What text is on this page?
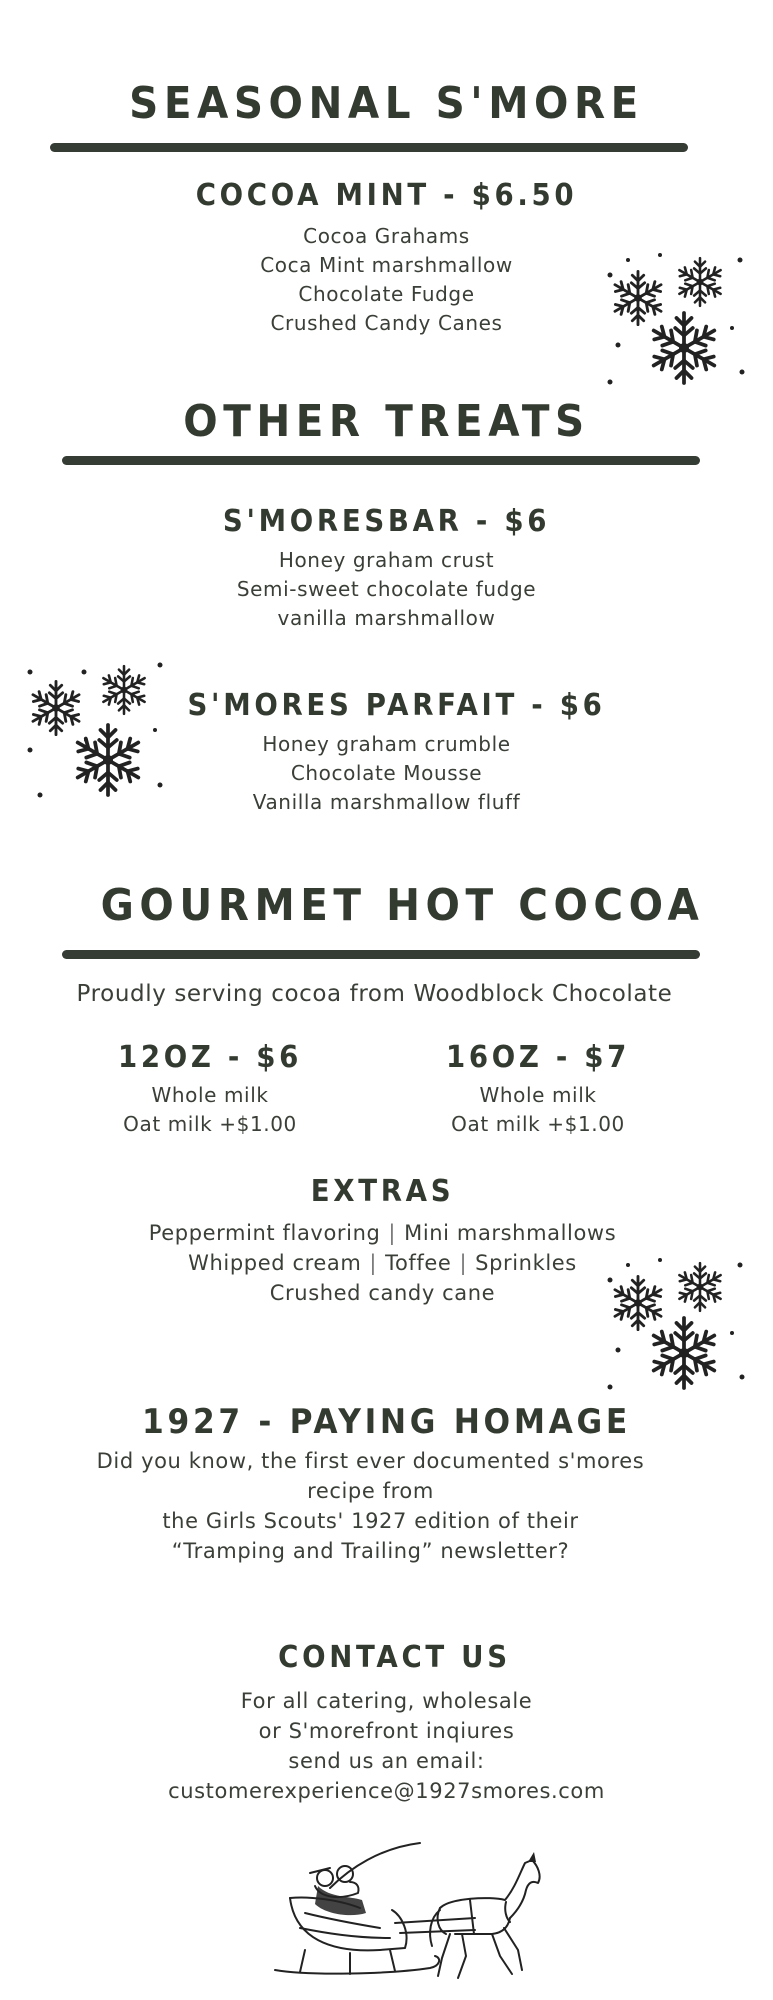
SEASONAL S'MORE
COCOA MINT - $6.50
Cocoa Grahams
Coca Mint marshmallow
Chocolate Fudge
Crushed Candy Canes
OTHER TREATS
S'MORESBAR - $6
Honey graham crust
Semi-sweet chocolate fudge
vanilla marshmallow
S'MORES PARFAIT - $6
Honey graham crumble
Chocolate Mousse
Vanilla marshmallow fluff
GOURMET HOT COCOA
Proudly serving cocoa from Woodblock Chocolate
12OZ - $6
Whole milk
Oat milk +$1.00
16OZ - $7
Whole milk
Oat milk +$1.00
EXTRAS
Peppermint flavoring | Mini marshmallows
Whipped cream | Toffee | Sprinkles
Crushed candy cane
1927 - PAYING HOMAGE
Did you know, the first ever documented s'mores
recipe from
the Girls Scouts' 1927 edition of their
“Tramping and Trailing” newsletter?
CONTACT US
For all catering, wholesale
or S'morefront inqiures
send us an email:
customerexperience@1927smores.com
